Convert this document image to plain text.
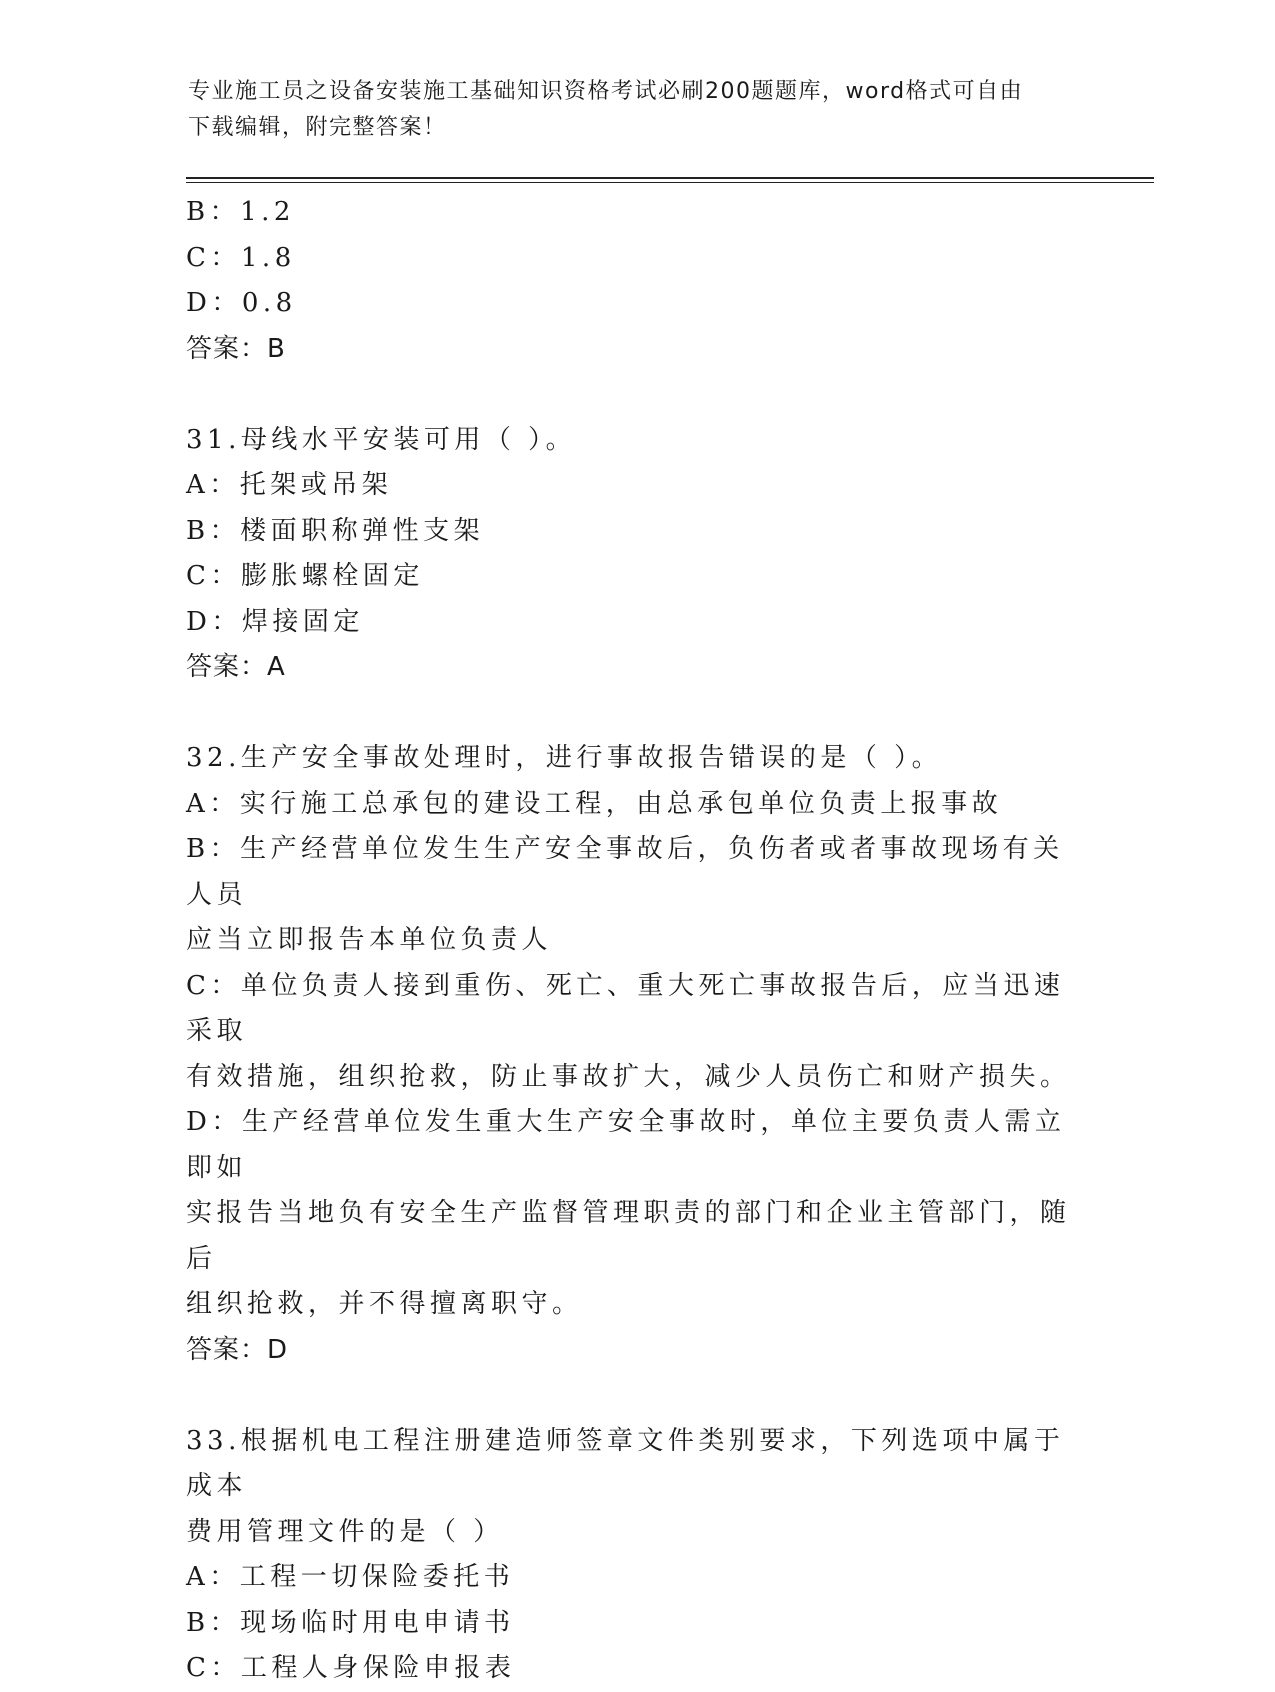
专业施工员之设备安装施工基础知识资格考试必刷200题题库，word格式可自由
下载编辑，附完整答案！
B：1.2
C：1.8
D：0.8
答案：B
31.母线水平安装可用（ ）。
A：托架或吊架
B：楼面职称弹性支架
C：膨胀螺栓固定
D：焊接固定
答案：A
32.生产安全事故处理时，进行事故报告错误的是（ ）。
A：实行施工总承包的建设工程，由总承包单位负责上报事故
B：生产经营单位发生生产安全事故后，负伤者或者事故现场有关人员
应当立即报告本单位负责人
C：单位负责人接到重伤、死亡、重大死亡事故报告后，应当迅速采取
有效措施，组织抢救，防止事故扩大，减少人员伤亡和财产损失。
D：生产经营单位发生重大生产安全事故时，单位主要负责人需立即如
实报告当地负有安全生产监督管理职责的部门和企业主管部门，随后
组织抢救，并不得擅离职守。
答案：D
33.根据机电工程注册建造师签章文件类别要求，下列选项中属于成本
费用管理文件的是（ ）
A：工程一切保险委托书
B：现场临时用电申请书
C：工程人身保险申报表
